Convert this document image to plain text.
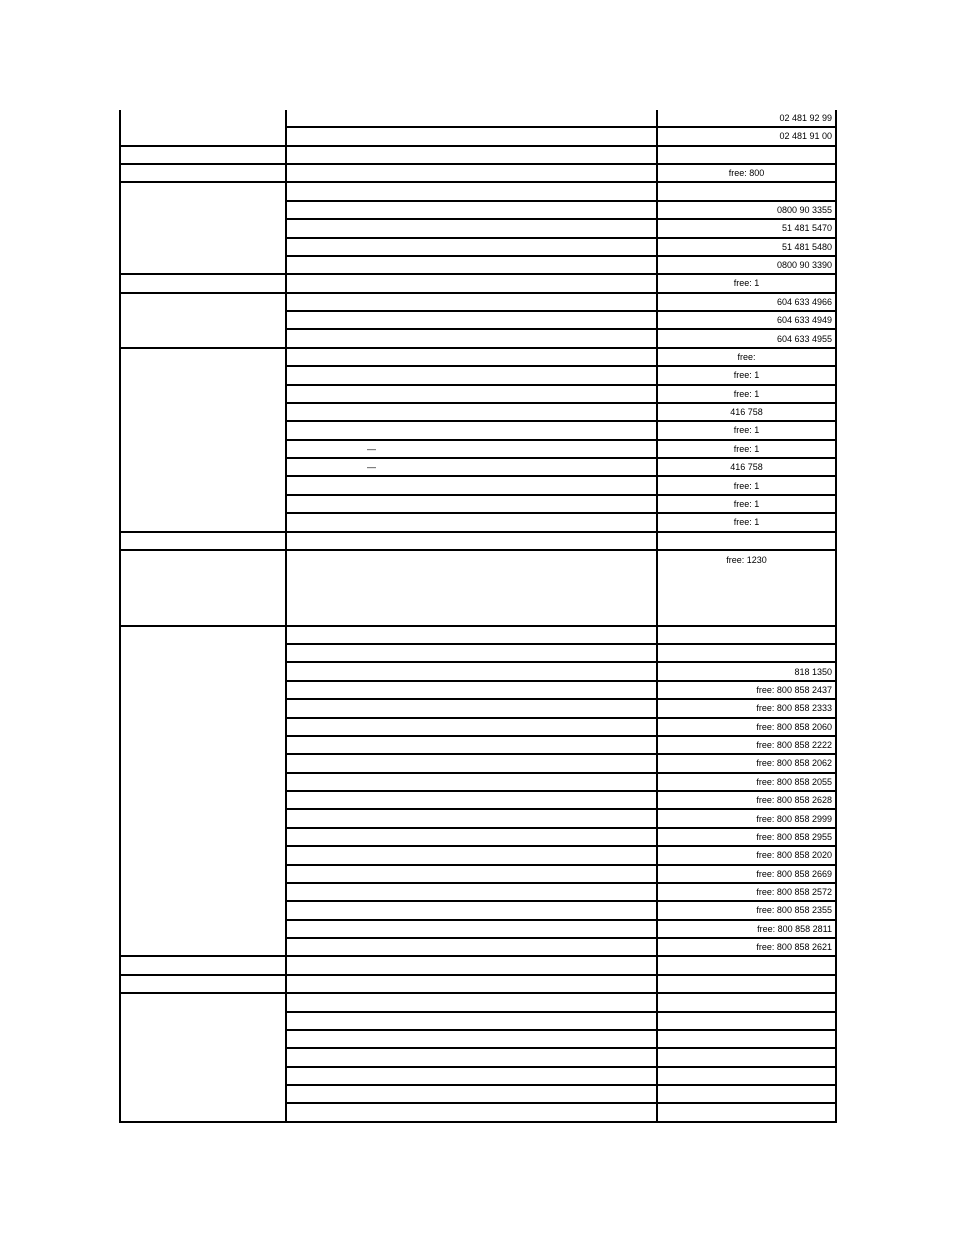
		02 481 92 99
		02 481 91 00

		free: 800

		0800 90 3355
		51 481 5470
		51 481 5480
		0800 90 3390
		free: 1
		604 633 4966
		604 633 4949
		604 633 4955
		free:
		free: 1
		free: 1
		416 758
		free: 1
	—	free: 1
	—	416 758
		free: 1
		free: 1
		free: 1

		free: 1230

		818 1350
		free: 800 858 2437
		free: 800 858 2333
		free: 800 858 2060
		free: 800 858 2222
		free: 800 858 2062
		free: 800 858 2055
		free: 800 858 2628
		free: 800 858 2999
		free: 800 858 2955
		free: 800 858 2020
		free: 800 858 2669
		free: 800 858 2572
		free: 800 858 2355
		free: 800 858 2811
		free: 800 858 2621
